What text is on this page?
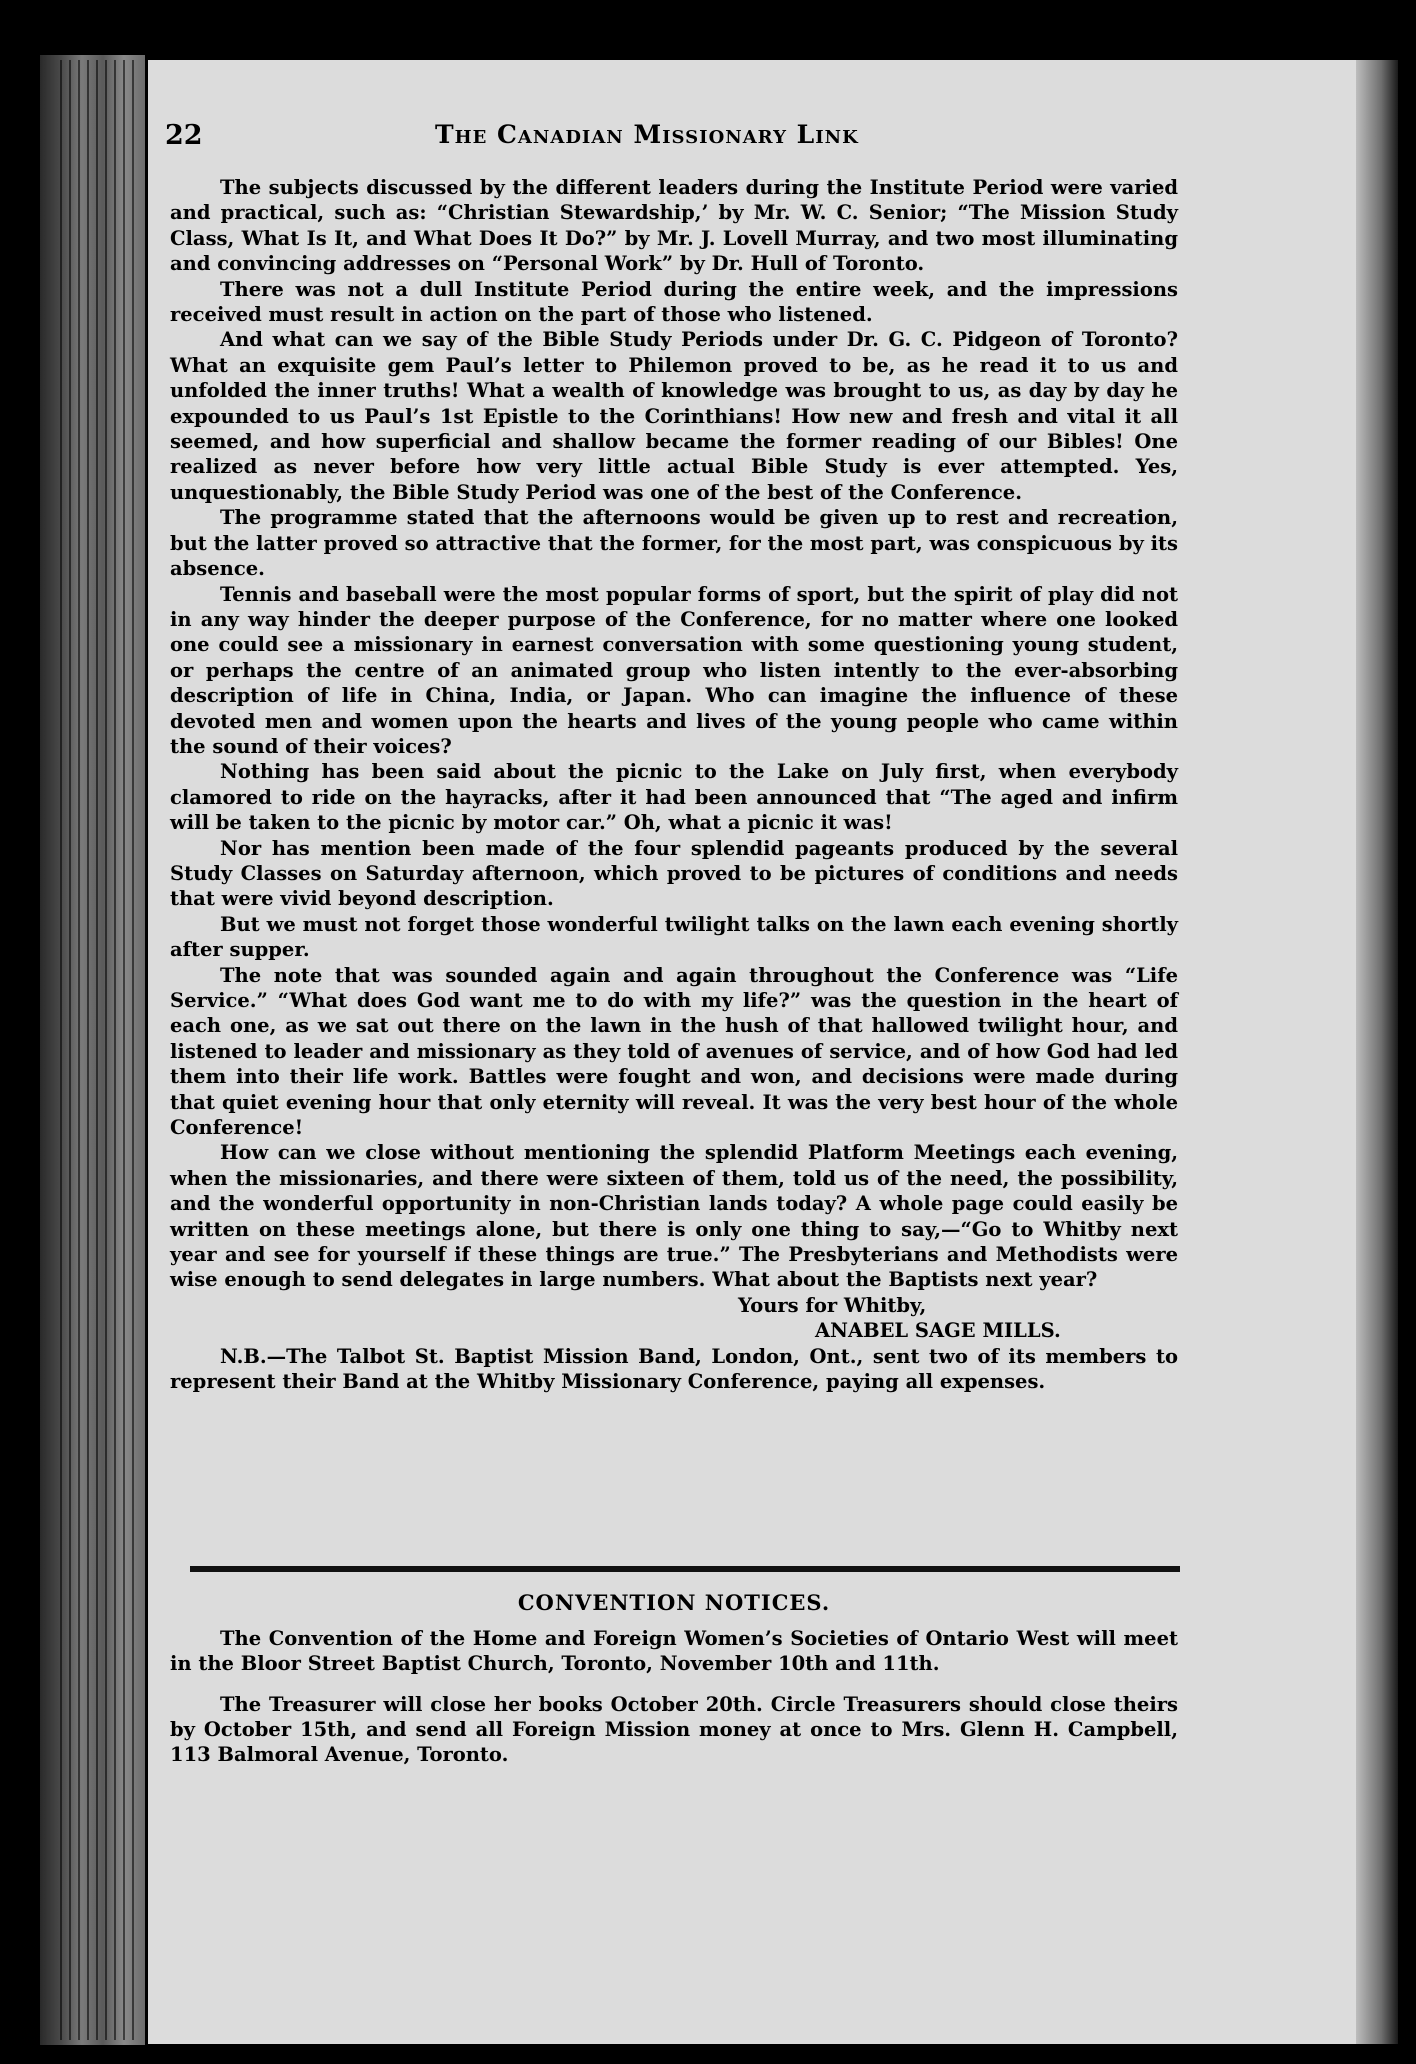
22	The Canadian Missionary Link

The subjects discussed by the different leaders during the Institute Period were varied and practical, such as: “Christian Stewardship,’ by Mr. W. C. Senior; “The Mission Study Class, What Is It, and What Does It Do?” by Mr. J. Lovell Murray, and two most illuminating and convincing addresses on “Personal Work” by Dr. Hull of Toronto.

There was not a dull Institute Period during the entire week, and the impressions received must result in action on the part of those who listened.

And what can we say of the Bible Study Periods under Dr. G. C. Pidgeon of Toronto? What an exquisite gem Paul’s letter to Philemon proved to be, as he read it to us and unfolded the inner truths! What a wealth of knowledge was brought to us, as day by day he expounded to us Paul’s 1st Epistle to the Corinthians! How new and fresh and vital it all seemed, and how superficial and shallow became the former reading of our Bibles! One realized as never before how very little actual Bible Study is ever attempted. Yes, unquestionably, the Bible Study Period was one of the best of the Conference.

The programme stated that the afternoons would be given up to rest and recreation, but the latter proved so attractive that the former, for the most part, was conspicuous by its absence.

Tennis and baseball were the most popular forms of sport, but the spirit of play did not in any way hinder the deeper purpose of the Conference, for no matter where one looked one could see a missionary in earnest conversation with some questioning young student, or perhaps the centre of an animated group who listen intently to the ever-absorbing description of life in China, India, or Japan. Who can imagine the influence of these devoted men and women upon the hearts and lives of the young people who came within the sound of their voices?

Nothing has been said about the picnic to the Lake on July first, when everybody clamored to ride on the hayracks, after it had been announced that “The aged and infirm will be taken to the picnic by motor car.” Oh, what a picnic it was!

Nor has mention been made of the four splendid pageants produced by the several Study Classes on Saturday afternoon, which proved to be pictures of conditions and needs that were vivid beyond description.

But we must not forget those wonderful twilight talks on the lawn each evening shortly after supper.

The note that was sounded again and again throughout the Conference was “Life Service.” “What does God want me to do with my life?” was the question in the heart of each one, as we sat out there on the lawn in the hush of that hallowed twilight hour, and listened to leader and missionary as they told of avenues of service, and of how God had led them into their life work. Battles were fought and won, and decisions were made during that quiet evening hour that only eternity will reveal. It was the very best hour of the whole Conference!

How can we close without mentioning the splendid Platform Meetings each evening, when the missionaries, and there were sixteen of them, told us of the need, the possibility, and the wonderful opportunity in non-Christian lands today? A whole page could easily be written on these meetings alone, but there is only one thing to say,—“Go to Whitby next year and see for yourself if these things are true.” The Presbyterians and Methodists were wise enough to send delegates in large numbers. What about the Baptists next year?

Yours for Whitby,
ANABEL SAGE MILLS.

N.B.—The Talbot St. Baptist Mission Band, London, Ont., sent two of its members to represent their Band at the Whitby Missionary Conference, paying all expenses.

CONVENTION NOTICES.

The Convention of the Home and Foreign Women’s Societies of Ontario West will meet in the Bloor Street Baptist Church, Toronto, November 10th and 11th.

The Treasurer will close her books October 20th. Circle Treasurers should close theirs by October 15th, and send all Foreign Mission money at once to Mrs. Glenn H. Campbell, 113 Balmoral Avenue, Toronto.
